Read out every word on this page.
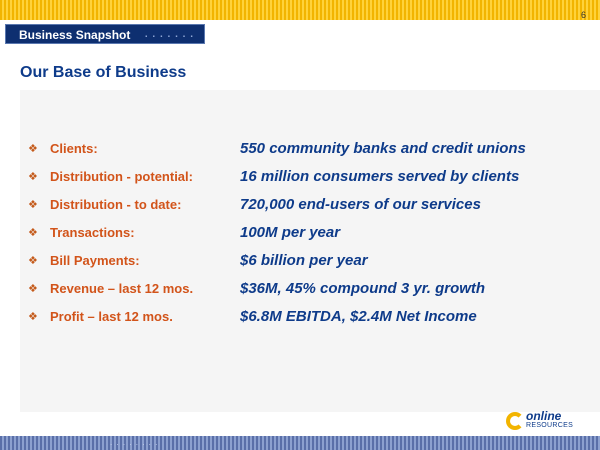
6
Business Snapshot . . . . . . .
Our Base of Business
❖ Clients:	550 community banks and credit unions
❖ Distribution - potential:	16 million consumers served by clients
❖ Distribution - to date:	720,000 end-users of our services
❖ Transactions:	100M per year
❖ Bill Payments:	$6 billion per year
❖ Revenue – last 12 mos.	$36M, 45% compound 3 yr. growth
❖ Profit – last 12 mos.	$6.8M EBITDA, $2.4M Net Income
. . . . . . . .
online
RESOURCES
